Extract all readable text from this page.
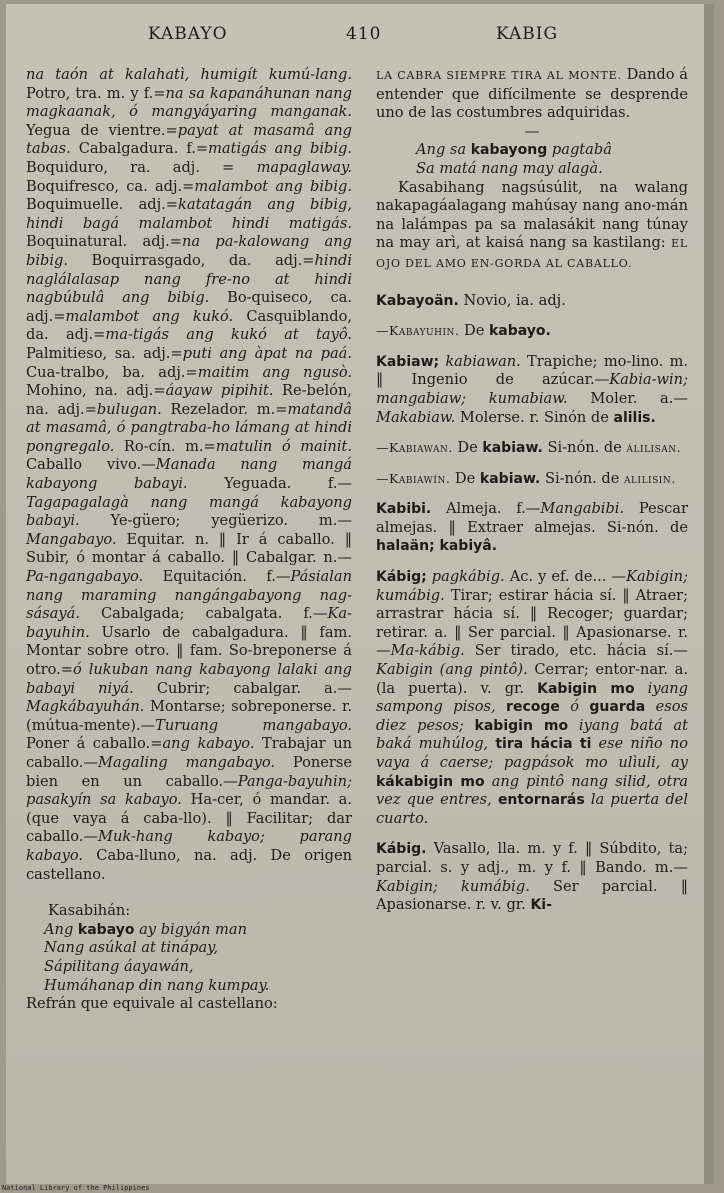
KABAYO	410	KABIG

na taón at kalahatì, humigít kumú-lang. Potro, tra. m. y f.=na sa kapanáhunan nang magkaanak, ó mangyáyaring manganak. Yegua de vientre.=payat at masamâ ang tabas. Cabalgadura. f.=matigás ang bibig. Boquiduro, ra. adj. = mapaglaway. Boquifresco, ca. adj.=malambot ang bibig. Boquimuelle. adj.=katatagán ang bibig, hindi bagá malambot hindi matigás. Boquinatural. adj.=na pa-kalowang ang bibig. Boquirrasgado, da. adj.=hindi naglálalasap nang fre-no at hindi nagbúbulâ ang bibig. Bo-quiseco, ca. adj.=malambot ang kukó. Casquiblando, da. adj.=ma-tigás ang kukó at tayô. Palmitieso, sa. adj.=puti ang àpat na paá. Cua-tralbo, ba. adj.=maitim ang ngusò. Mohino, na. adj.=áayaw pipihit. Re-belón, na. adj.=bulugan. Rezelador. m.=matandâ at masamâ, ó pangtraba-ho lámang at hindi pongregalo. Ro-cín. m.=matulin ó mainit. Caballo vivo.—Manada nang mangá kabayong babayi. Yeguada. f.—Tagapagalagà nang mangá kabayong babayi. Ye-güero; yegüerizo. m.—Mangabayo. Equitar. n. ‖ Ir á caballo. ‖ Subir, ó montar á caballo. ‖ Cabalgar. n.—Pa-ngangabayo. Equitación. f.—Pásialan nang maraming nangángabayong nag-sásayá. Cabalgada; cabalgata. f.—Ka-bayuhin. Usarlo de cabalgadura. ‖ fam. Montar sobre otro. ‖ fam. So-breponerse á otro.=ó lukuban nang kabayong lalaki ang babayi niyá. Cubrir; cabalgar. a.—Magkábayuhán. Montarse; sobreponerse. r. (mútua-mente).—Turuang mangabayo. Poner á caballo.=ang kabayo. Trabajar un caballo.—Magaling mangabayo. Ponerse bien en un caballo.—Panga-bayuhin; pasakyín sa kabayo. Ha-cer, ó mandar. a. (que vaya á caba-llo). ‖ Facilitar; dar caballo.—Muk-hang kabayo; parang kabayo. Caba-lluno, na. adj. De origen castellano.

Kasabihán:

Ang kabayo ay bigyán man

Nang asúkal at tinápay,

Sápilitang áayawán,

Humáhanap din nang kumpay.

Refrán que equivale al castellano:

LA CABRA SIEMPRE TIRA AL MONTE. Dando á entender que difícilmente se desprende uno de las costumbres adquiridas.

—

Ang sa kabayong pagtabâ

Sa matá nang may alagà.

Kasabihang nagsúsúlit, na walang nakapagáalagang mahúsay nang ano-mán na lalámpas pa sa malasákit nang túnay na may arì, at kaisá nang sa kastilang: EL OJO DEL AMO EN-GORDA AL CABALLO.

Kabayoän. Novio, ia. adj.

—Kabayuhin. De kabayo.

Kabiaw; kabiawan. Trapiche; mo-lino. m. ‖ Ingenio de azúcar.—Kabia-win; mangabiaw; kumabiaw. Moler. a.—Makabiaw. Molerse. r. Sinón de alilis.

—Kabiawan. De kabiaw. Si-nón. de álilisan.

—Kabiawín. De kabiaw. Si-nón. de alilisin.

Kabibi. Almeja. f.—Mangabibi. Pescar almejas. ‖ Extraer almejas. Si-nón. de halaän; kabiyâ.

Kábig; pagkábig. Ac. y ef. de... —Kabigin; kumábig. Tirar; estirar hácia sí. ‖ Atraer; arrastrar hácia sí. ‖ Recoger; guardar; retirar. a. ‖ Ser parcial. ‖ Apasionarse. r.—Ma-kábig. Ser tirado, etc. hácia sí.—Kabigin (ang pintô). Cerrar; entor-nar. a. (la puerta). v. gr. Kabigin mo iyang sampong pisos, recoge ó guarda esos diez pesos; kabigin mo iyang batá at baká muhúlog, tira hácia ti ese niño no vaya á caerse; pagpások mo ulìuli, ay kákabigin mo ang pintô nang silid, otra vez que entres, entornarás la puerta del cuarto.

Kábig. Vasallo, lla. m. y f. ‖ Súbdito, ta; parcial. s. y adj., m. y f. ‖ Bando. m.—Kabigin; kumábig. Ser parcial. ‖ Apasionarse. r. v. gr. Ki-

National Library of the Philippines
